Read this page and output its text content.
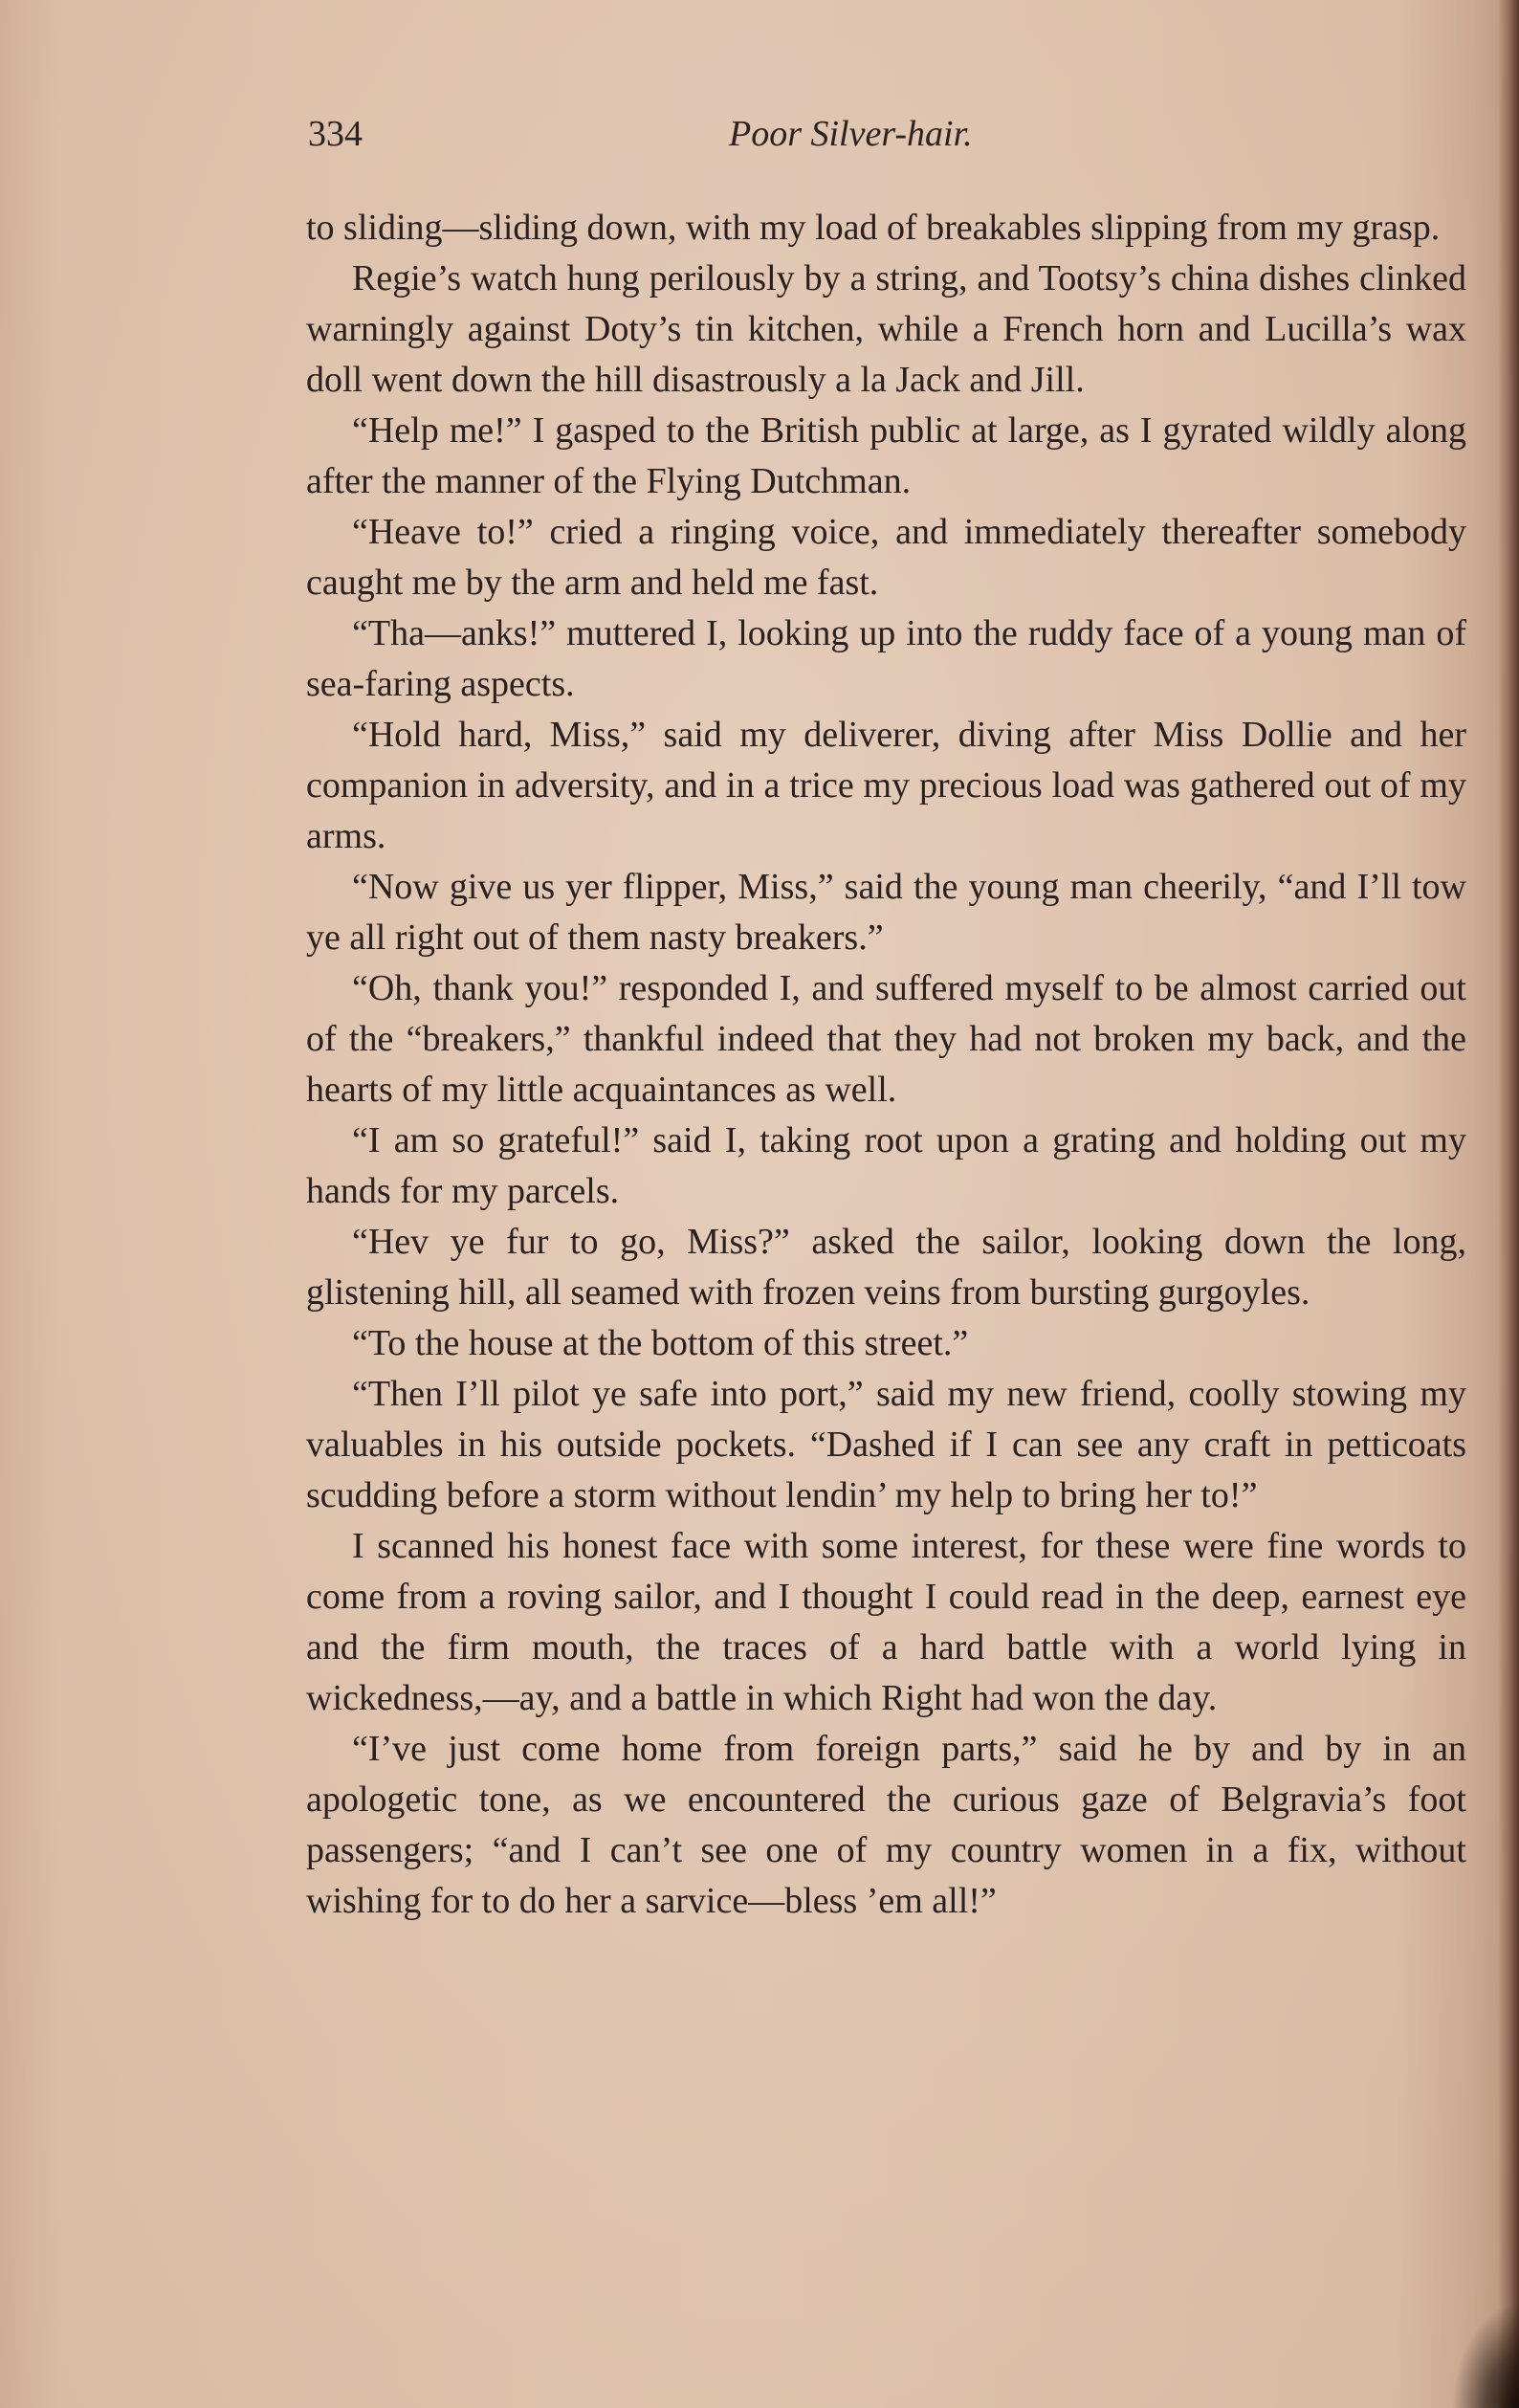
334	Poor Silver-hair.

to sliding—sliding down, with my load of breakables slipping from my grasp.

Regie’s watch hung perilously by a string, and Tootsy’s china dishes clinked warningly against Doty’s tin kitchen, while a French horn and Lucilla’s wax doll went down the hill disastrously a la Jack and Jill.

“Help me!” I gasped to the British public at large, as I gyrated wildly along after the manner of the Flying Dutchman.

“Heave to!” cried a ringing voice, and immediately thereafter somebody caught me by the arm and held me fast.

“Tha—anks!” muttered I, looking up into the ruddy face of a young man of sea-faring aspects.

“Hold hard, Miss,” said my deliverer, diving after Miss Dollie and her companion in adversity, and in a trice my precious load was gathered out of my arms.

“Now give us yer flipper, Miss,” said the young man cheerily, “and I’ll tow ye all right out of them nasty breakers.”

“Oh, thank you!” responded I, and suffered myself to be almost carried out of the “breakers,” thankful indeed that they had not broken my back, and the hearts of my little acquaintances as well.

“I am so grateful!” said I, taking root upon a grating and holding out my hands for my parcels.

“Hev ye fur to go, Miss?” asked the sailor, looking down the long, glistening hill, all seamed with frozen veins from bursting gurgoyles.

“To the house at the bottom of this street.”

“Then I’ll pilot ye safe into port,” said my new friend, coolly stowing my valuables in his outside pockets. “Dashed if I can see any craft in petticoats scudding before a storm without lendin’ my help to bring her to!”

I scanned his honest face with some interest, for these were fine words to come from a roving sailor, and I thought I could read in the deep, earnest eye and the firm mouth, the traces of a hard battle with a world lying in wickedness,—ay, and a battle in which Right had won the day.

“I’ve just come home from foreign parts,” said he by and by in an apologetic tone, as we encountered the curious gaze of Belgravia’s foot passengers; “and I can’t see one of my country women in a fix, without wishing for to do her a sarvice—bless ’em all!”
